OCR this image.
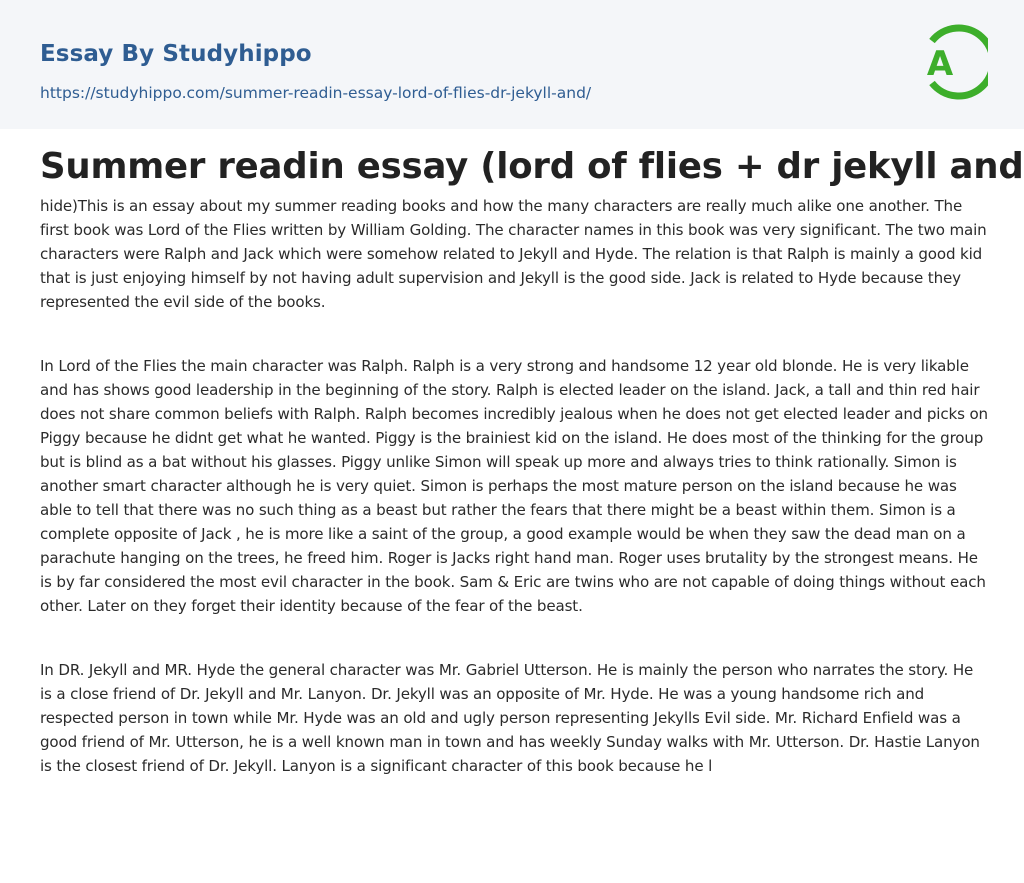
Essay By Studyhippo
https://studyhippo.com/summer-readin-essay-lord-of-flies-dr-jekyll-and/
A
Summer readin essay (lord of flies + dr jekyll and

hide)This is an essay about my summer reading books and how the many characters are really much alike one another. The first book was Lord of the Flies written by William Golding. The character names in this book was very significant. The two main characters were Ralph and Jack which were somehow related to Jekyll and Hyde. The relation is that Ralph is mainly a good kid that is just enjoying himself by not having adult supervision and Jekyll is the good side. Jack is related to Hyde because they represented the evil side of the books.

In Lord of the Flies the main character was Ralph. Ralph is a very strong and handsome 12 year old blonde. He is very likable and has shows good leadership in the beginning of the story. Ralph is elected leader on the island. Jack, a tall and thin red hair does not share common beliefs with Ralph. Ralph becomes incredibly jealous when he does not get elected leader and picks on Piggy because he didnt get what he wanted. Piggy is the brainiest kid on the island. He does most of the thinking for the group but is blind as a bat without his glasses. Piggy unlike Simon will speak up more and always tries to think rationally. Simon is another smart character although he is very quiet. Simon is perhaps the most mature person on the island because he was able to tell that there was no such thing as a beast but rather the fears that there might be a beast within them. Simon is a complete opposite of Jack , he is more like a saint of the group, a good example would be when they saw the dead man on a parachute hanging on the trees, he freed him. Roger is Jacks right hand man. Roger uses brutality by the strongest means. He is by far considered the most evil character in the book. Sam & Eric are twins who are not capable of doing things without each other. Later on they forget their identity because of the fear of the beast.

In DR. Jekyll and MR. Hyde the general character was Mr. Gabriel Utterson. He is mainly the person who narrates the story. He is a close friend of Dr. Jekyll and Mr. Lanyon. Dr. Jekyll was an opposite of Mr. Hyde. He was a young handsome rich and respected person in town while Mr. Hyde was an old and ugly person representing Jekylls Evil side. Mr. Richard Enfield was a good friend of Mr. Utterson, he is a well known man in town and has weekly Sunday walks with Mr. Utterson. Dr. Hastie Lanyon is the closest friend of Dr. Jekyll. Lanyon is a significant character of this book because he l
